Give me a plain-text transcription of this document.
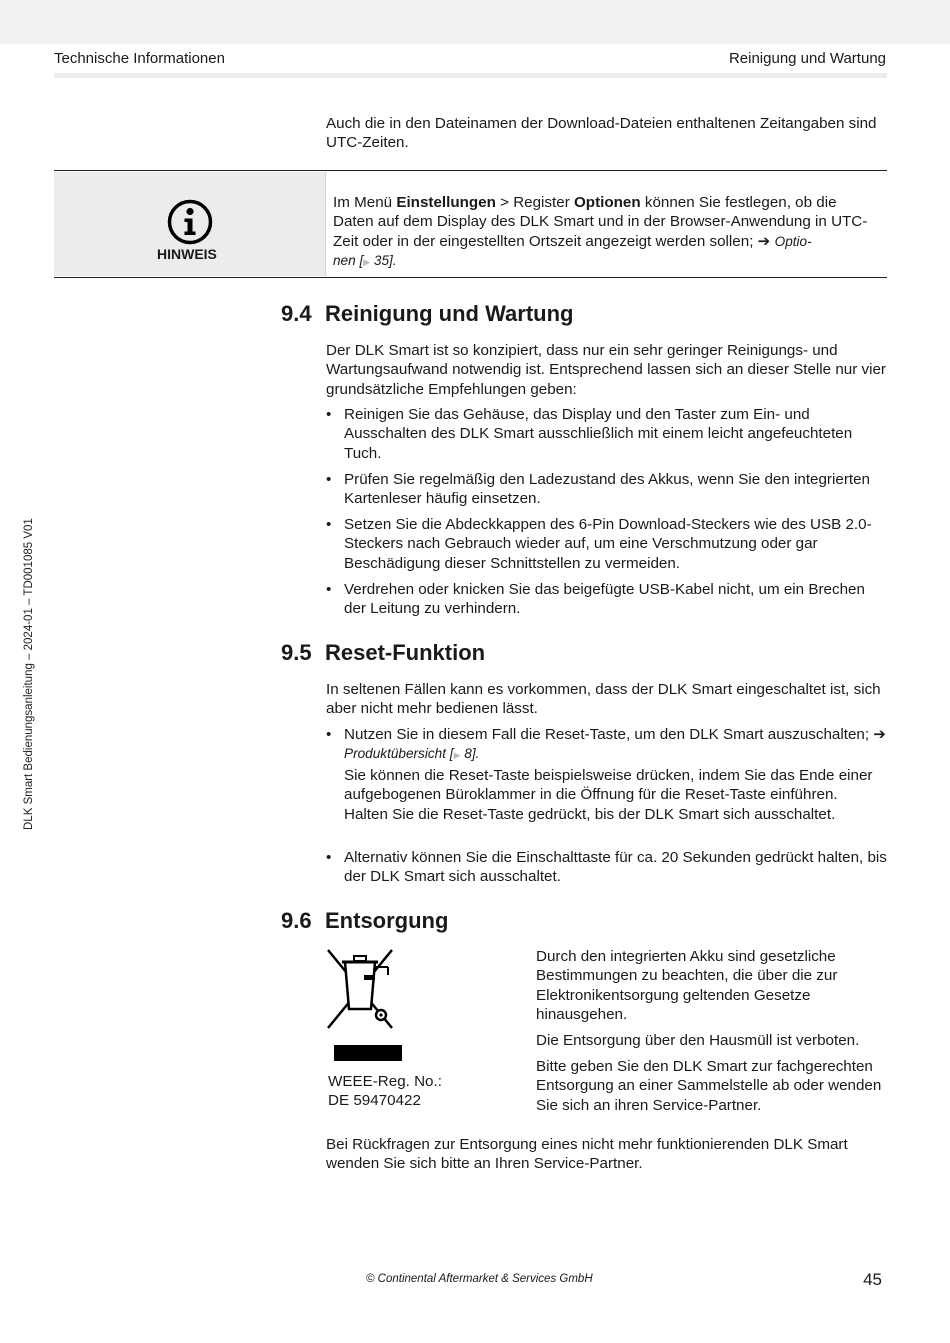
Technische Informationen	Reinigung und Wartung
DLK Smart Bedienungsanleitung – 2024-01 – TD001085 V01
Auch die in den Dateinamen der Download-Dateien enthaltenen Zeitangaben sind UTC-Zeiten.
HINWEIS
Im Menü Einstellungen > Register Optionen können Sie festlegen, ob die Daten auf dem Display des DLK Smart und in der Browser-Anwendung in UTC-Zeit oder in der eingestellten Ortszeit angezeigt werden sollen; ➔ Optio-
nen [▶ 35].
9.4 Reinigung und Wartung
Der DLK Smart ist so konzipiert, dass nur ein sehr geringer Reinigungs- und Wartungsaufwand notwendig ist. Entsprechend lassen sich an dieser Stelle nur vier grundsätzliche Empfehlungen geben:
• Reinigen Sie das Gehäuse, das Display und den Taster zum Ein- und Ausschalten des DLK Smart ausschließlich mit einem leicht angefeuchteten Tuch.
• Prüfen Sie regelmäßig den Ladezustand des Akkus, wenn Sie den integrierten Kartenleser häufig einsetzen.
• Setzen Sie die Abdeckkappen des 6-Pin Download-Steckers wie des USB 2.0-Steckers nach Gebrauch wieder auf, um eine Verschmutzung oder gar Beschädigung dieser Schnittstellen zu vermeiden.
• Verdrehen oder knicken Sie das beigefügte USB-Kabel nicht, um ein Brechen der Leitung zu verhindern.
9.5 Reset-Funktion
In seltenen Fällen kann es vorkommen, dass der DLK Smart eingeschaltet ist, sich aber nicht mehr bedienen lässt.
• Nutzen Sie in diesem Fall die Reset-Taste, um den DLK Smart auszuschalten; ➔ Produktübersicht [▶ 8].
Sie können die Reset-Taste beispielsweise drücken, indem Sie das Ende einer aufgebogenen Büroklammer in die Öffnung für die Reset-Taste einführen.
Halten Sie die Reset-Taste gedrückt, bis der DLK Smart sich ausschaltet.
• Alternativ können Sie die Einschalttaste für ca. 20 Sekunden gedrückt halten, bis der DLK Smart sich ausschaltet.
9.6 Entsorgung
WEEE-Reg. No.:
DE 59470422
Durch den integrierten Akku sind gesetzliche Bestimmungen zu beachten, die über die zur Elektronikentsorgung geltenden Gesetze hinausgehen.
Die Entsorgung über den Hausmüll ist verboten.
Bitte geben Sie den DLK Smart zur fachgerechten Entsorgung an einer Sammelstelle ab oder wenden Sie sich an ihren Service-Partner.
Bei Rückfragen zur Entsorgung eines nicht mehr funktionierenden DLK Smart wenden Sie sich bitte an Ihren Service-Partner.
© Continental Aftermarket & Services GmbH	45
